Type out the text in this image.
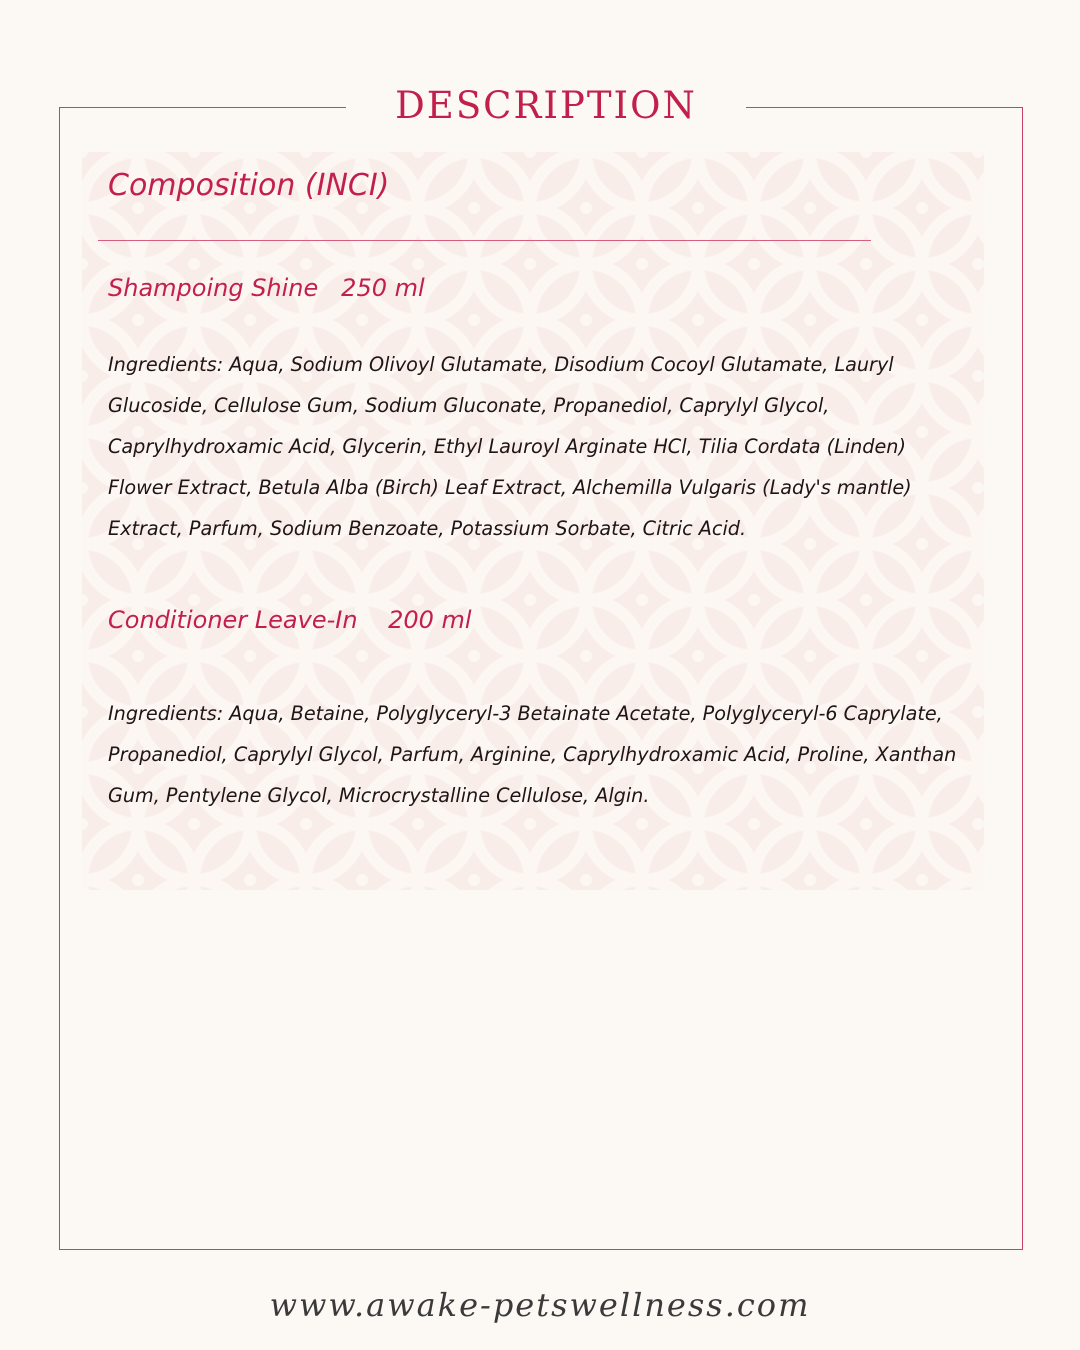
DESCRIPTION
Composition (INCI)
Shampoing Shine   250 ml

Ingredients: Aqua, Sodium Olivoyl Glutamate, Disodium Cocoyl Glutamate, Lauryl Glucoside, Cellulose Gum, Sodium Gluconate, Propanediol, Caprylyl Glycol, Caprylhydroxamic Acid, Glycerin, Ethyl Lauroyl Arginate HCl, Tilia Cordata (Linden) Flower Extract, Betula Alba (Birch) Leaf Extract, Alchemilla Vulgaris (Lady's mantle) Extract, Parfum, Sodium Benzoate, Potassium Sorbate, Citric Acid.

Conditioner Leave-In    200 ml

Ingredients: Aqua, Betaine, Polyglyceryl-3 Betainate Acetate, Polyglyceryl-6 Caprylate, Propanediol, Caprylyl Glycol, Parfum, Arginine, Caprylhydroxamic Acid, Proline, Xanthan Gum, Pentylene Glycol, Microcrystalline Cellulose, Algin.

www.awake-petswellness.com
